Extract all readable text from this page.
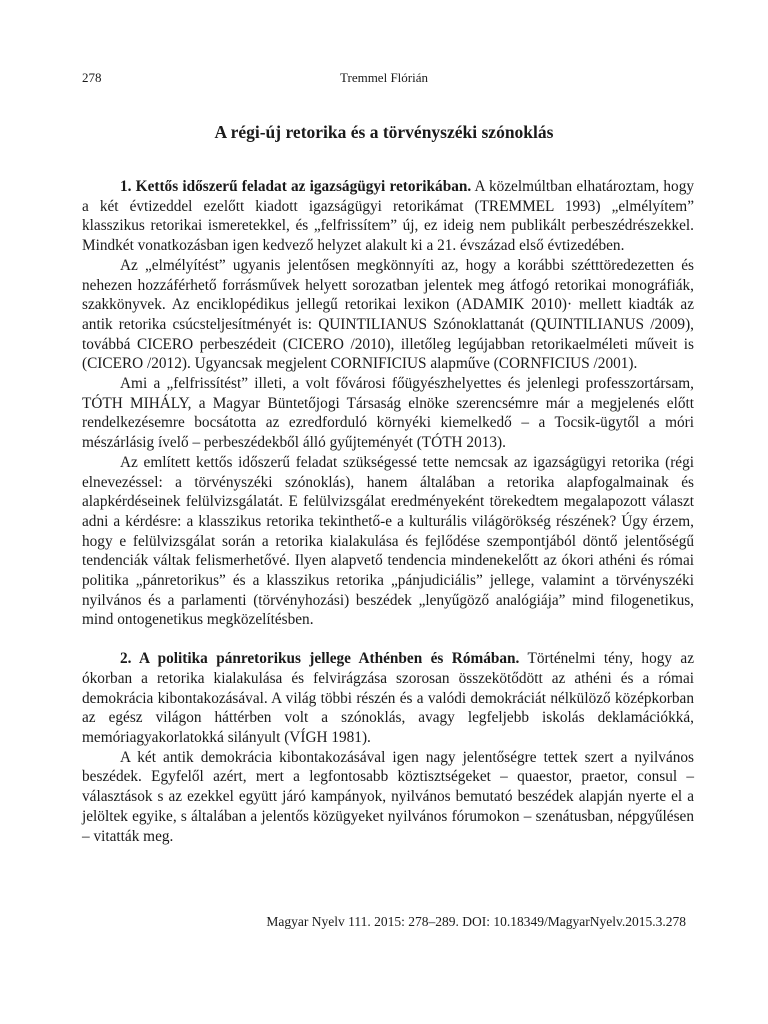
278	Tremmel Flórián
A régi-új retorika és a törvényszéki szónoklás

1. Kettős időszerű feladat az igazságügyi retorikában. A közelmúltban elhatároztam, hogy a két évtizeddel ezelőtt kiadott igazságügyi retorikámat (TREMMEL 1993) „elmélyítem” klasszikus retorikai ismeretekkel, és „felfrissítem” új, ez ideig nem publikált perbeszédrészekkel. Mindkét vonatkozásban igen kedvező helyzet alakult ki a 21. évszázad első évtizedében.

Az „elmélyítést” ugyanis jelentősen megkönnyíti az, hogy a korábbi szétttöredezetten és nehezen hozzáférhető forrásművek helyett sorozatban jelentek meg átfogó retorikai monográfiák, szakkönyvek. Az enciklopédikus jellegű retorikai lexikon (ADAMIK 2010)· mellett kiadták az antik retorika csúcsteljesítményét is: QUINTILIANUS Szónoklattanát (QUINTILIANUS /2009), továbbá CICERO perbeszédeit (CICERO /2010), illetőleg legújabban retorikaelméleti műveit is (CICERO /2012). Ugyancsak megjelent CORNIFICIUS alapműve (CORNFICIUS /2001).

Ami a „felfrissítést” illeti, a volt fővárosi főügyészhelyettes és jelenlegi professzortársam, TÓTH MIHÁLY, a Magyar Büntetőjogi Társaság elnöke szerencsémre már a megjelenés előtt rendelkezésemre bocsátotta az ezredforduló környéki kiemelkedő – a Tocsik-ügytől a móri mészárlásig ívelő – perbeszédekből álló gyűjteményét (TÓTH 2013).

Az említett kettős időszerű feladat szükségessé tette nemcsak az igazságügyi retorika (régi elnevezéssel: a törvényszéki szónoklás), hanem általában a retorika alapfogalmainak és alapkérdéseinek felülvizsgálatát. E felülvizsgálat eredményeként törekedtem megalapozott választ adni a kérdésre: a klasszikus retorika tekinthető-e a kulturális világörökség részének? Úgy érzem, hogy e felülvizsgálat során a retorika kialakulása és fejlődése szempontjából döntő jelentőségű tendenciák váltak felismerhetővé. Ilyen alapvető tendencia mindenekelőtt az ókori athéni és római politika „pánretorikus” és a klasszikus retorika „pánjudiciális” jellege, valamint a törvényszéki nyilvános és a parlamenti (törvényhozási) beszédek „lenyűgöző analógiája” mind filogenetikus, mind ontogenetikus megközelítésben.

2. A politika pánretorikus jellege Athénben és Rómában. Történelmi tény, hogy az ókorban a retorika kialakulása és felvirágzása szorosan összekötődött az athéni és a római demokrácia kibontakozásával. A világ többi részén és a valódi demokráciát nélkülöző középkorban az egész világon háttérben volt a szónoklás, avagy legfeljebb iskolás deklamációkká, memóriagyakorlatokká silányult (VÍGH 1981).

A két antik demokrácia kibontakozásával igen nagy jelentőségre tettek szert a nyilvános beszédek. Egyfelől azért, mert a legfontosabb köztisztségeket – quaestor, praetor, consul – választások s az ezekkel együtt járó kampányok, nyilvános bemutató beszédek alapján nyerte el a jelöltek egyike, s általában a jelentős közügyeket nyilvános fórumokon – szenátusban, népgyűlésen – vitatták meg.

Magyar Nyelv 111. 2015: 278–289. DOI: 10.18349/MagyarNyelv.2015.3.278
